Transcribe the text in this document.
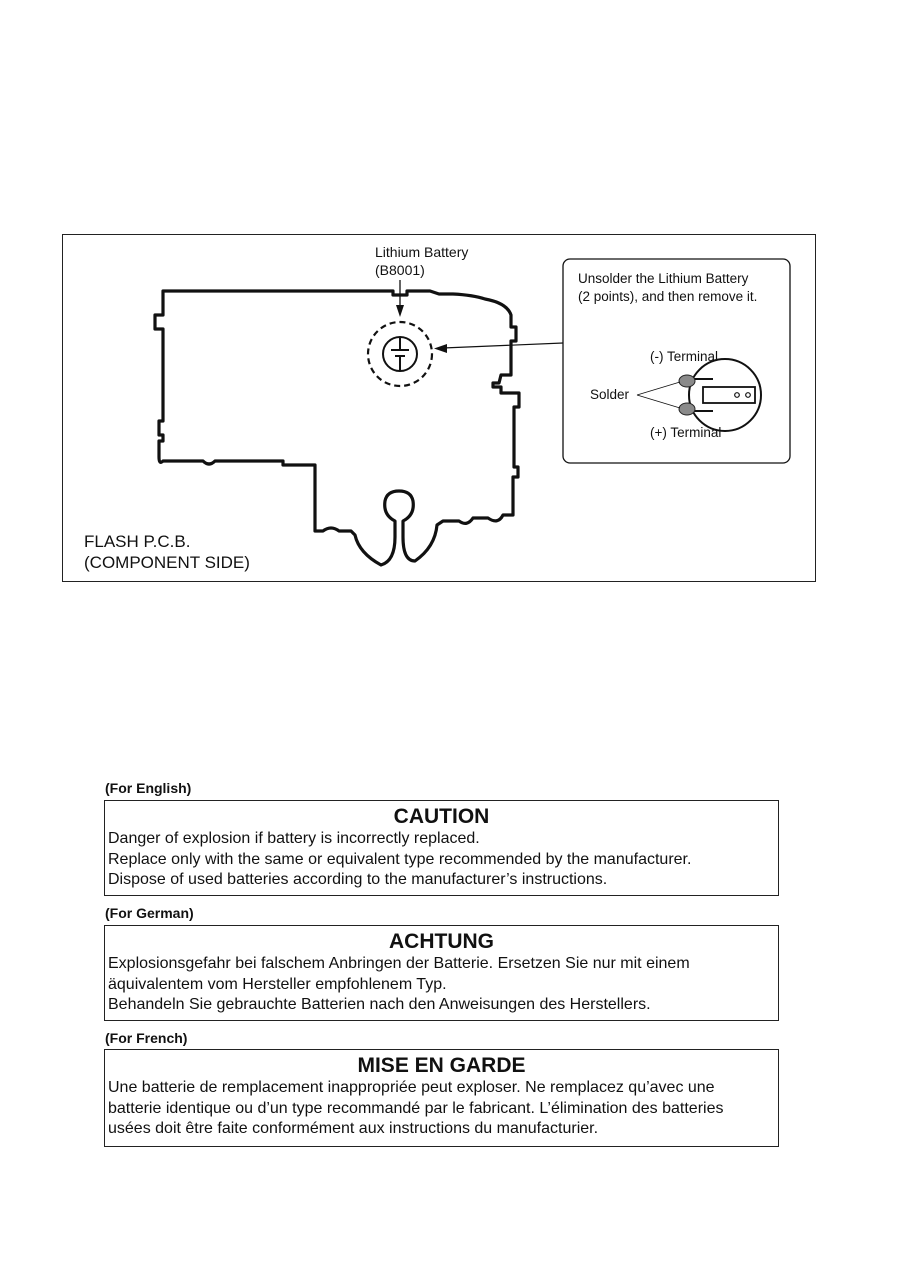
Lithium Battery
(B8001)
Unsolder the Lithium Battery
(2 points), and then remove it.
(-) Terminal
Solder
(+) Terminal
FLASH P.C.B.
(COMPONENT SIDE)
(For English)
CAUTION

Danger of explosion if battery is incorrectly replaced.

Replace only with the same or equivalent type recommended by the manufacturer.

Dispose of used batteries according to the manufacturer’s instructions.

(For German)
ACHTUNG

Explosionsgefahr bei falschem Anbringen der Batterie. Ersetzen Sie nur mit einem

äquivalentem vom Hersteller empfohlenem Typ.

Behandeln Sie gebrauchte Batterien nach den Anweisungen des Herstellers.

(For French)
MISE EN GARDE

Une batterie de remplacement inappropriée peut exploser. Ne remplacez qu’avec une

batterie identique ou d’un type recommandé par le fabricant. L’élimination des batteries

usées doit être faite conformément aux instructions du manufacturier.
